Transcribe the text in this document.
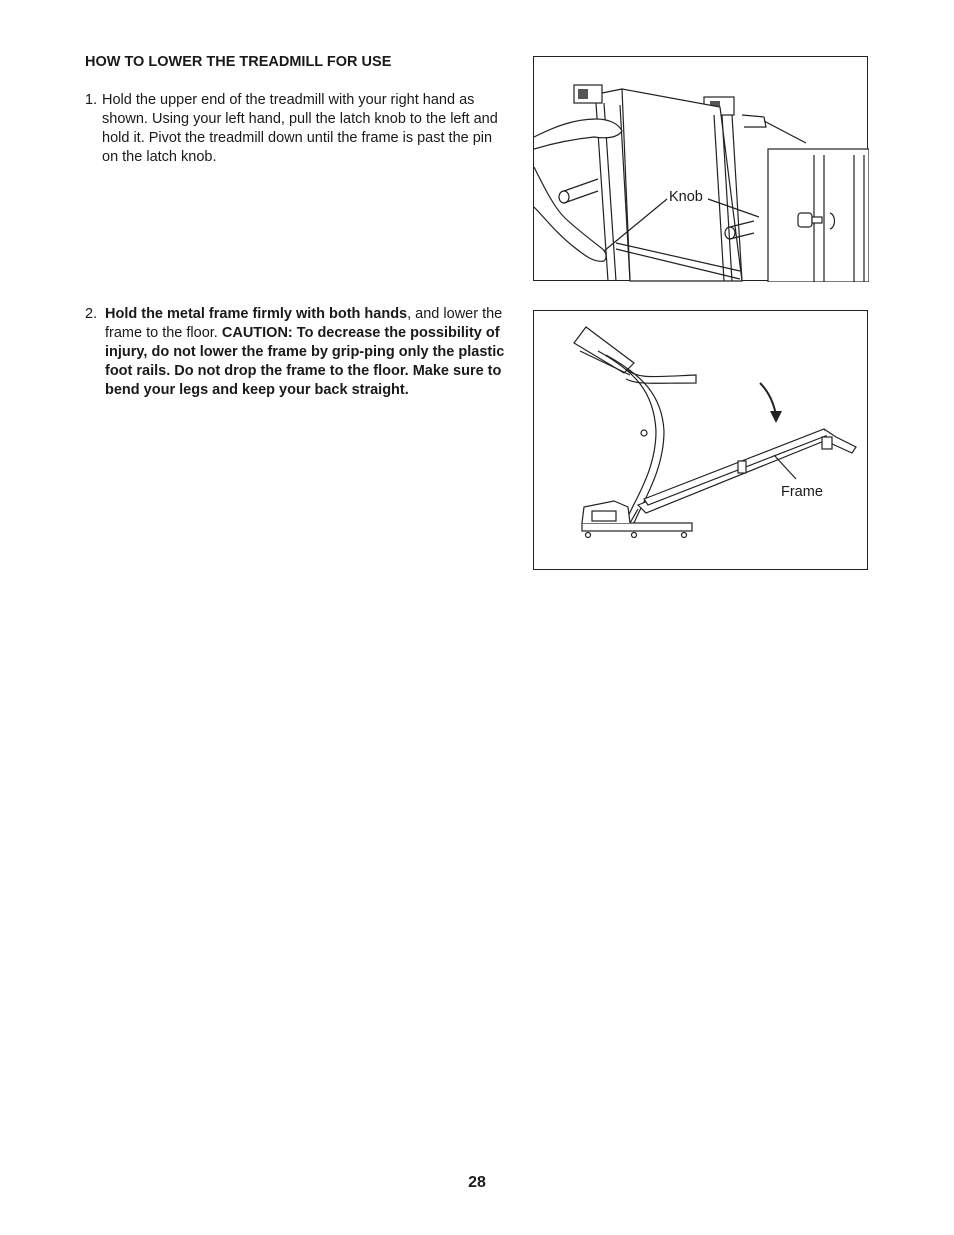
HOW TO LOWER THE TREADMILL FOR USE
1. Hold the upper end of the treadmill with your right hand as shown. Using your left hand, pull the latch knob to the left and hold it. Pivot the treadmill down until the frame is past the pin on the latch knob.
2. Hold the metal frame firmly with both hands, and lower the frame to the floor. CAUTION: To decrease the possibility of injury, do not lower the frame by grip-ping only the plastic foot rails. Do not drop the frame to the floor. Make sure to bend your legs and keep your back straight.
Knob
Frame
28
